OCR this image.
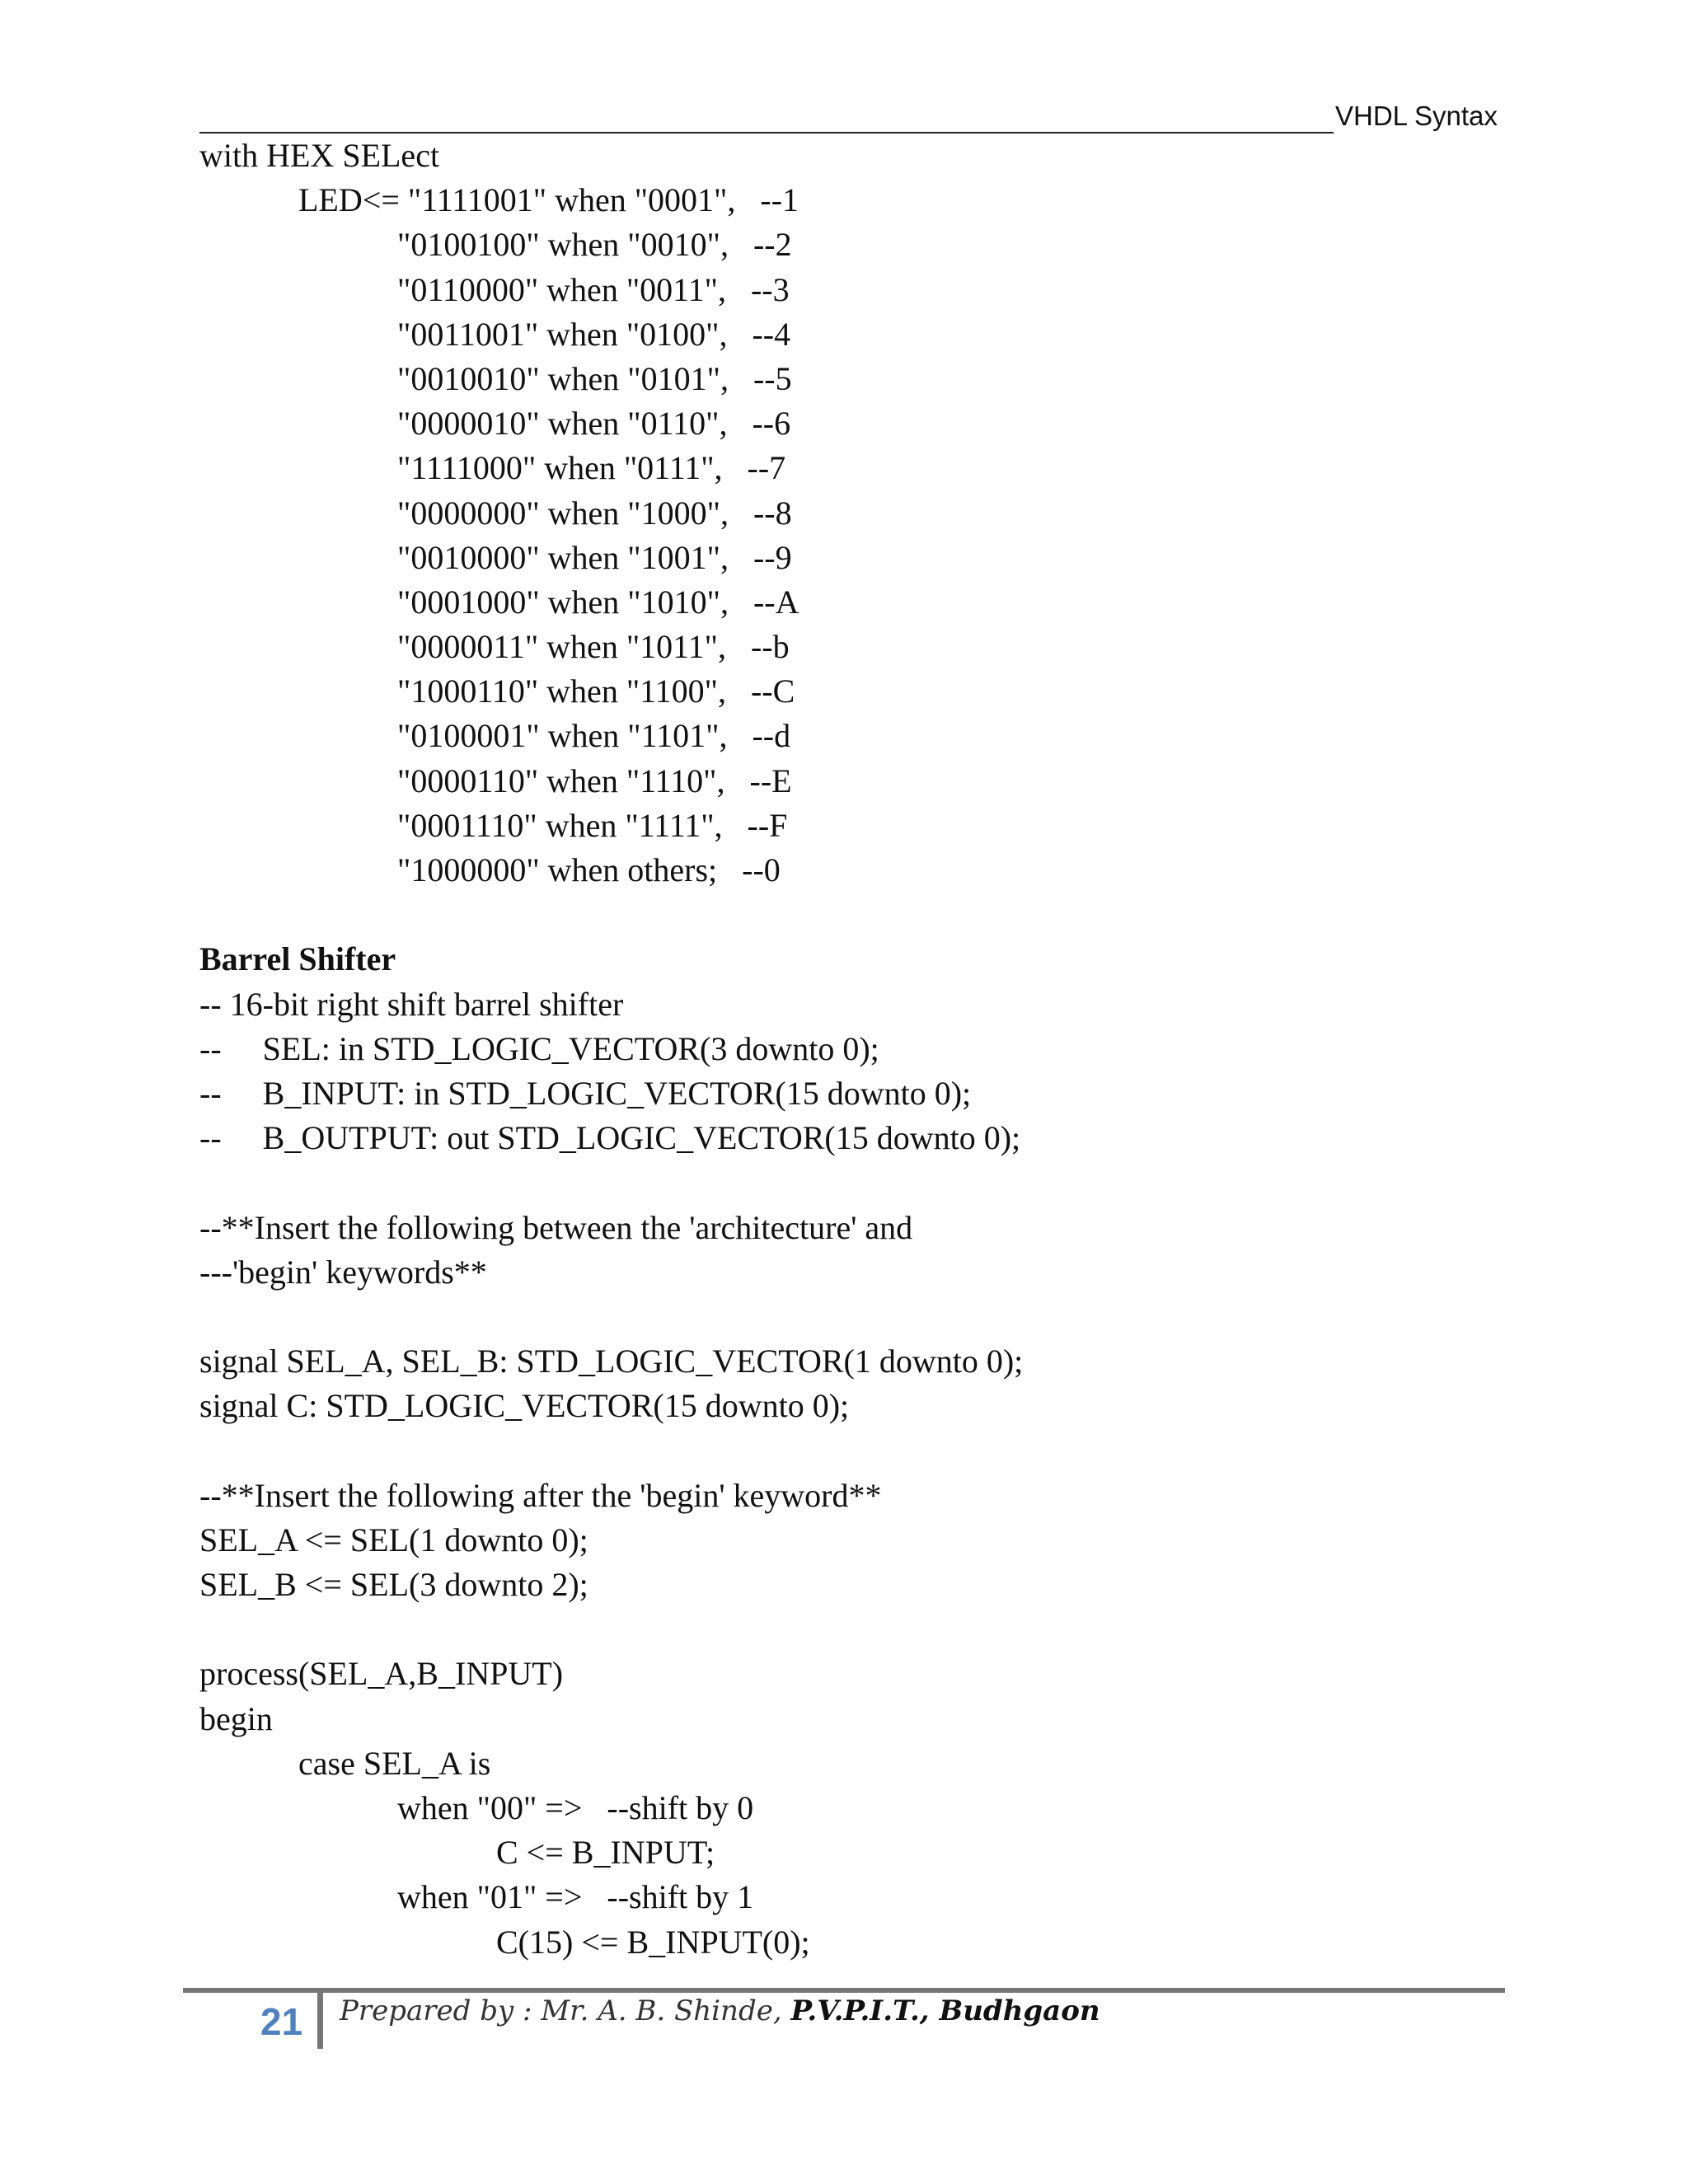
VHDL Syntax
with HEX SELect
LED<= "1111001" when "0001",   --1
"0100100" when "0010",   --2
"0110000" when "0011",   --3
"0011001" when "0100",   --4
"0010010" when "0101",   --5
"0000010" when "0110",   --6
"1111000" when "0111",   --7
"0000000" when "1000",   --8
"0010000" when "1001",   --9
"0001000" when "1010",   --A
"0000011" when "1011",   --b
"1000110" when "1100",   --C
"0100001" when "1101",   --d
"0000110" when "1110",   --E
"0001110" when "1111",   --F
"1000000" when others;   --0
Barrel Shifter
-- 16-bit right shift barrel shifter
--     SEL: in STD_LOGIC_VECTOR(3 downto 0);
--     B_INPUT: in STD_LOGIC_VECTOR(15 downto 0);
--     B_OUTPUT: out STD_LOGIC_VECTOR(15 downto 0);
--**Insert the following between the 'architecture' and
---'begin' keywords**
signal SEL_A, SEL_B: STD_LOGIC_VECTOR(1 downto 0);
signal C: STD_LOGIC_VECTOR(15 downto 0);
--**Insert the following after the 'begin' keyword**
SEL_A <= SEL(1 downto 0);
SEL_B <= SEL(3 downto 2);
process(SEL_A,B_INPUT)
begin
case SEL_A is
when "00" =>   --shift by 0
C <= B_INPUT;
when "01" =>   --shift by 1
C(15) <= B_INPUT(0);
21 Prepared by : Mr. A. B. Shinde, P.V.P.I.T., Budhgaon
